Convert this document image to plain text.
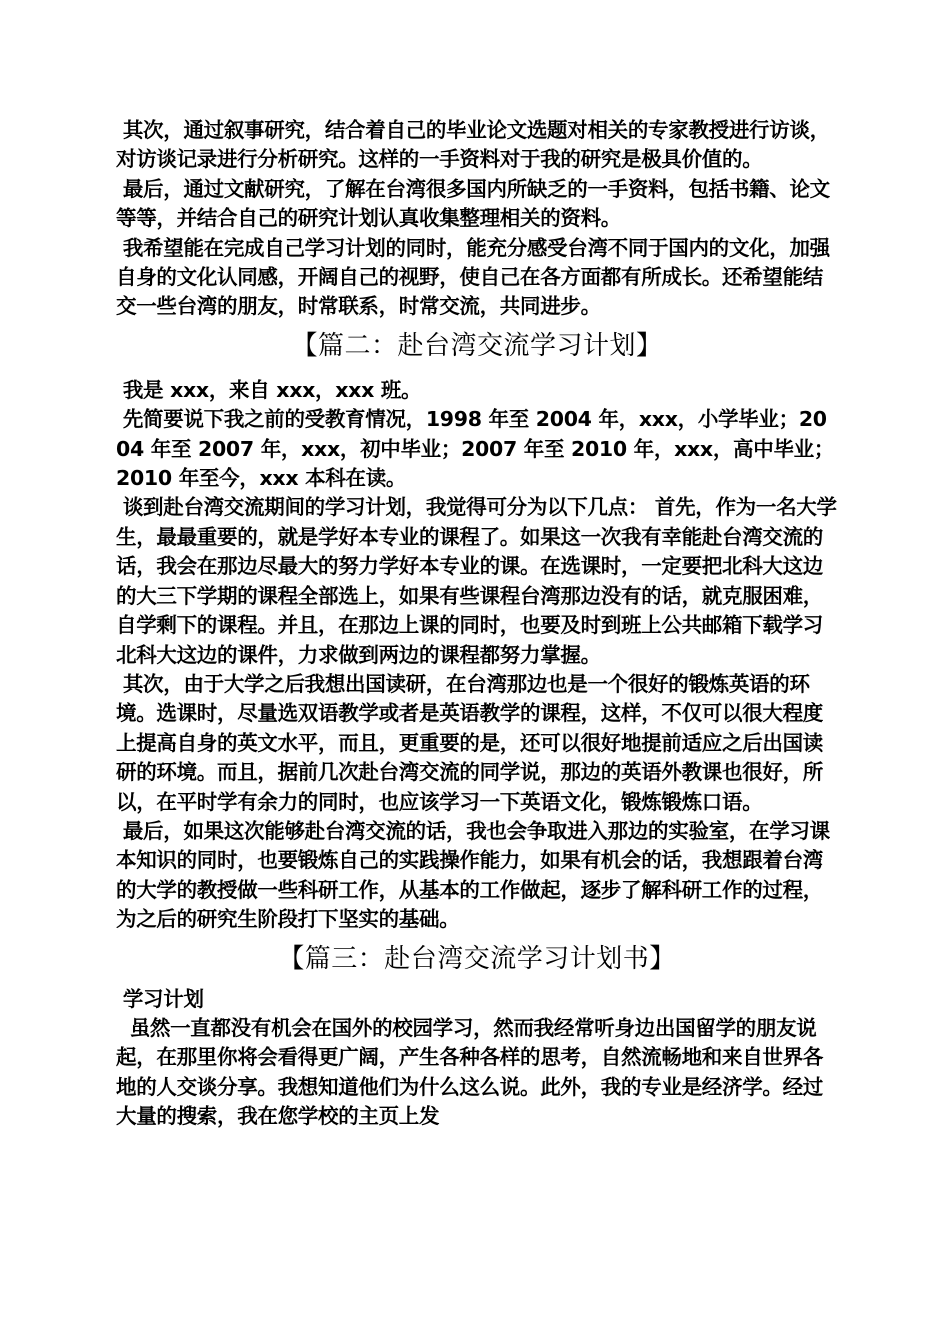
其次，通过叙事研究，结合着自己的毕业论文选题对相关的专家教授进行访谈，对访谈记录进行分析研究。这样的一手资料对于我的研究是极具价值的。

最后，通过文献研究，了解在台湾很多国内所缺乏的一手资料，包括书籍、论文等等，并结合自己的研究计划认真收集整理相关的资料。

我希望能在完成自己学习计划的同时，能充分感受台湾不同于国内的文化，加强自身的文化认同感，开阔自己的视野，使自己在各方面都有所成长。还希望能结交一些台湾的朋友，时常联系，时常交流，共同进步。

【篇二：赴台湾交流学习计划】

我是 xxx，来自 xxx，xxx 班。

先简要说下我之前的受教育情况，1998 年至 2004 年，xxx，小学毕业；2004 年至 2007 年，xxx，初中毕业；2007 年至 2010 年，xxx，高中毕业；2010 年至今，xxx 本科在读。

谈到赴台湾交流期间的学习计划，我觉得可分为以下几点： 首先，作为一名大学生，最最重要的，就是学好本专业的课程了。如果这一次我有幸能赴台湾交流的话，我会在那边尽最大的努力学好本专业的课。在选课时，一定要把北科大这边的大三下学期的课程全部选上，如果有些课程台湾那边没有的话，就克服困难，自学剩下的课程。并且，在那边上课的同时，也要及时到班上公共邮箱下载学习北科大这边的课件，力求做到两边的课程都努力掌握。

其次，由于大学之后我想出国读研，在台湾那边也是一个很好的锻炼英语的环境。选课时，尽量选双语教学或者是英语教学的课程，这样，不仅可以很大程度上提高自身的英文水平，而且，更重要的是，还可以很好地提前适应之后出国读研的环境。而且，据前几次赴台湾交流的同学说，那边的英语外教课也很好，所以，在平时学有余力的同时，也应该学习一下英语文化，锻炼锻炼口语。

最后，如果这次能够赴台湾交流的话，我也会争取进入那边的实验室，在学习课本知识的同时，也要锻炼自己的实践操作能力，如果有机会的话，我想跟着台湾的大学的教授做一些科研工作，从基本的工作做起，逐步了解科研工作的过程，为之后的研究生阶段打下坚实的基础。

【篇三：赴台湾交流学习计划书】

学习计划

虽然一直都没有机会在国外的校园学习，然而我经常听身边出国留学的朋友说起，在那里你将会看得更广阔，产生各种各样的思考，自然流畅地和来自世界各地的人交谈分享。我想知道他们为什么这么说。此外，我的专业是经济学。经过大量的搜索，我在您学校的主页上发
